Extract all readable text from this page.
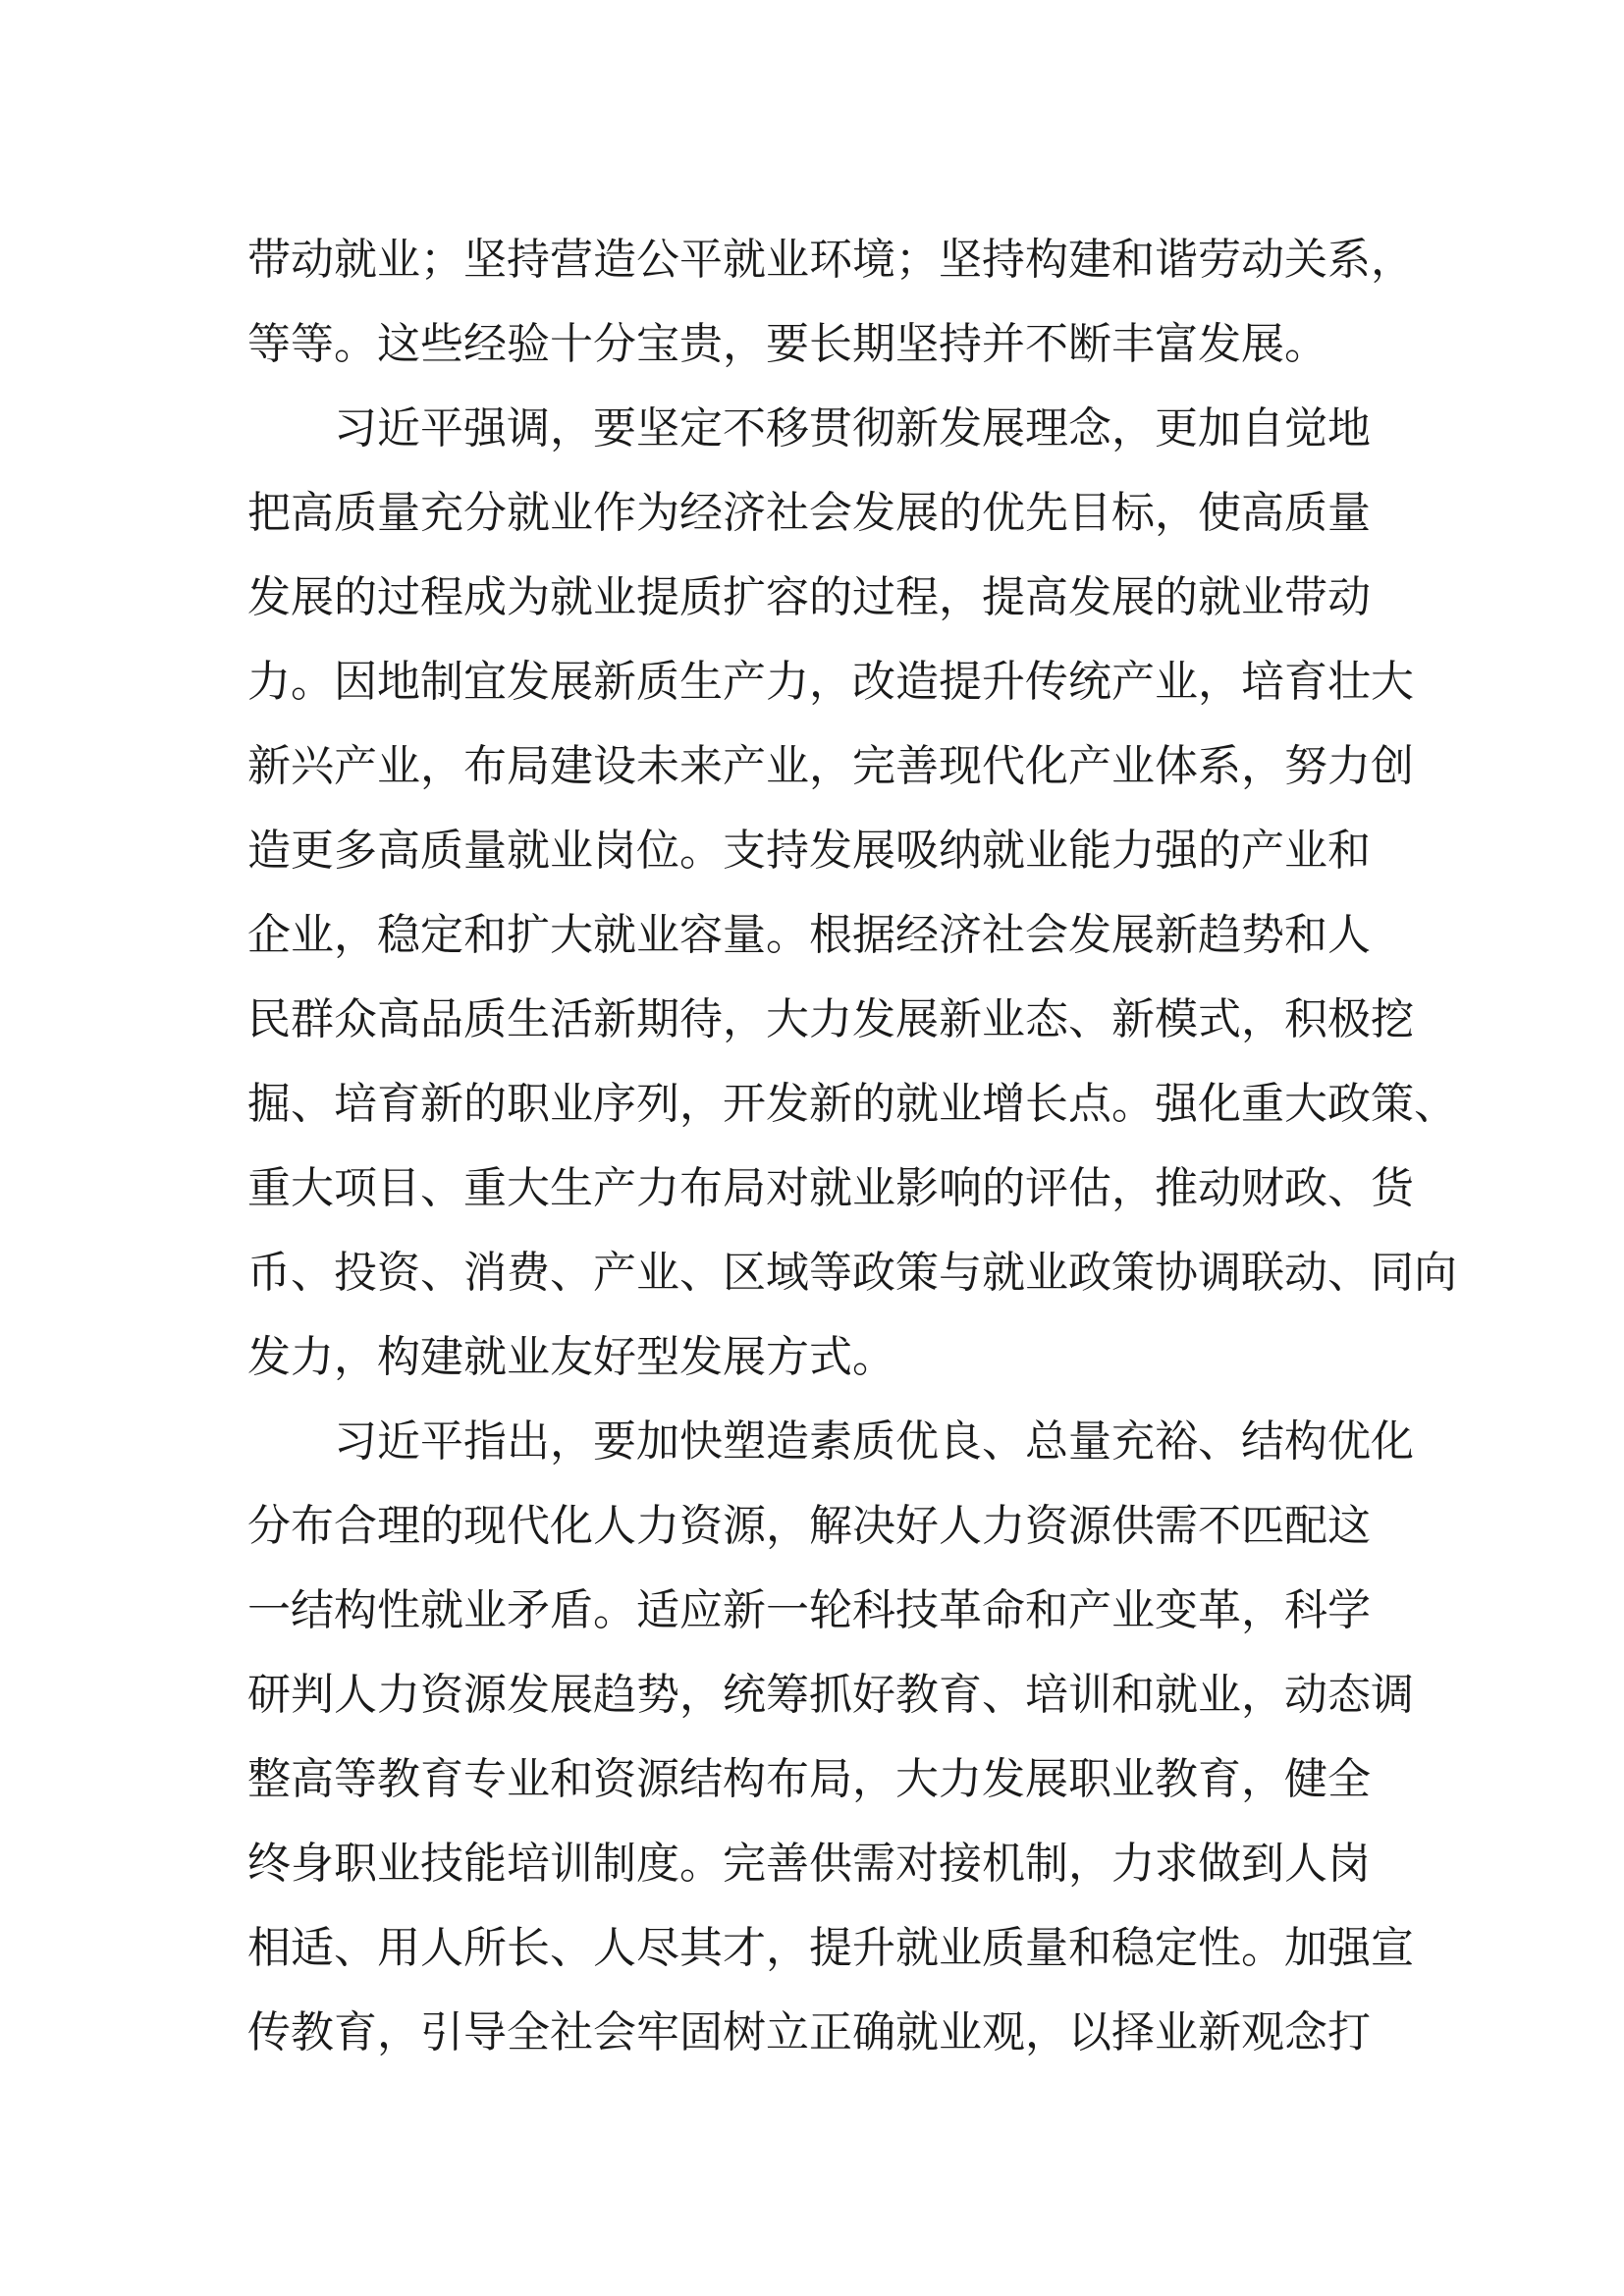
带动就业；坚持营造公平就业环境；坚持构建和谐劳动关系，
等等。这些经验十分宝贵，要长期坚持并不断丰富发展。
习近平强调，要坚定不移贯彻新发展理念，更加自觉地
把高质量充分就业作为经济社会发展的优先目标，使高质量
发展的过程成为就业提质扩容的过程，提高发展的就业带动
力。因地制宜发展新质生产力，改造提升传统产业，培育壮大
新兴产业，布局建设未来产业，完善现代化产业体系，努力创
造更多高质量就业岗位。支持发展吸纳就业能力强的产业和
企业，稳定和扩大就业容量。根据经济社会发展新趋势和人
民群众高品质生活新期待，大力发展新业态、新模式，积极挖
掘、培育新的职业序列，开发新的就业增长点。强化重大政策、
重大项目、重大生产力布局对就业影响的评估，推动财政、货
币、投资、消费、产业、区域等政策与就业政策协调联动、同向
发力，构建就业友好型发展方式。
习近平指出，要加快塑造素质优良、总量充裕、结构优化
分布合理的现代化人力资源，解决好人力资源供需不匹配这
一结构性就业矛盾。适应新一轮科技革命和产业变革，科学
研判人力资源发展趋势，统筹抓好教育、培训和就业，动态调
整高等教育专业和资源结构布局，大力发展职业教育，健全
终身职业技能培训制度。完善供需对接机制，力求做到人岗
相适、用人所长、人尽其才，提升就业质量和稳定性。加强宣
传教育，引导全社会牢固树立正确就业观，以择业新观念打
